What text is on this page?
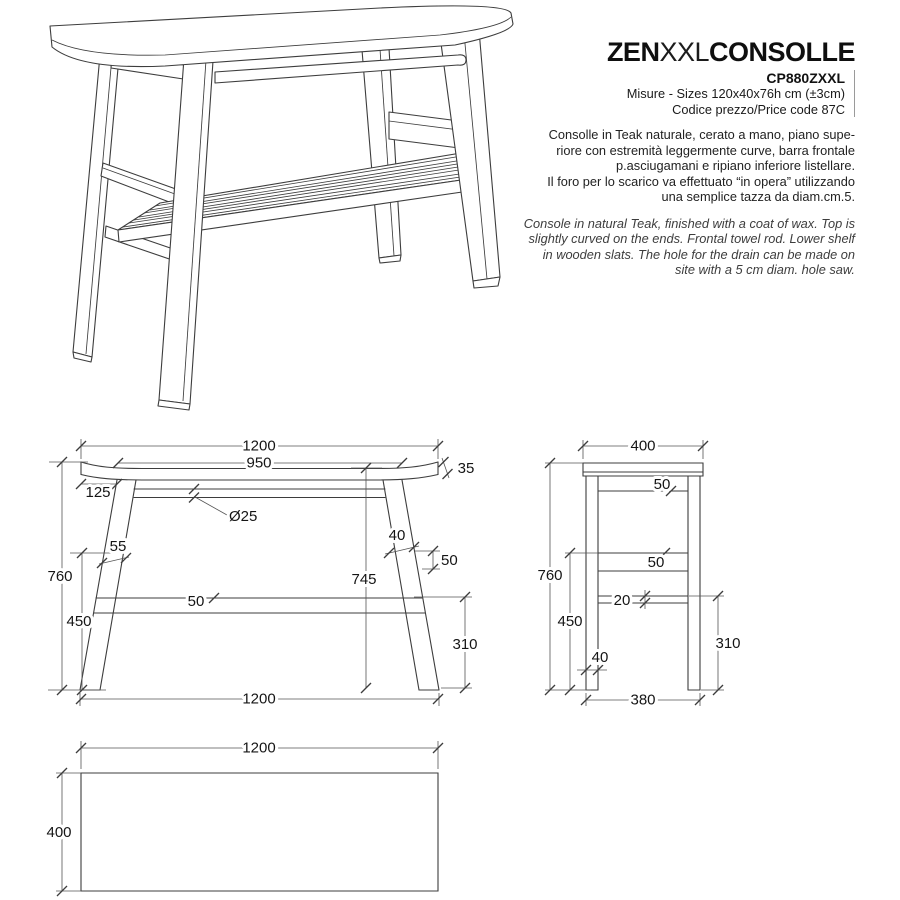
1200
950
125
35
Ø25
55
40
50
760	745
450
50
310
1200
400
50
50
20
760
450
310
40
380
1200
400
ZENXXLCONSOLLE
CP880ZXXL
Misure - Sizes 120x40x76h cm (±3cm)
Codice prezzo/Price code 87C
Consolle in Teak naturale, cerato a mano, piano supe-
riore con estremità leggermente curve, barra frontale
p.asciugamani e ripiano inferiore listellare.
Il foro per lo scarico va effettuato “in opera” utilizzando
una semplice tazza da diam.cm.5.
Console in natural Teak, finished with a coat of wax. Top is
slightly curved on the ends. Frontal towel rod. Lower shelf
in wooden slats. The hole for the drain can be made on
site with a 5 cm diam. hole saw.
